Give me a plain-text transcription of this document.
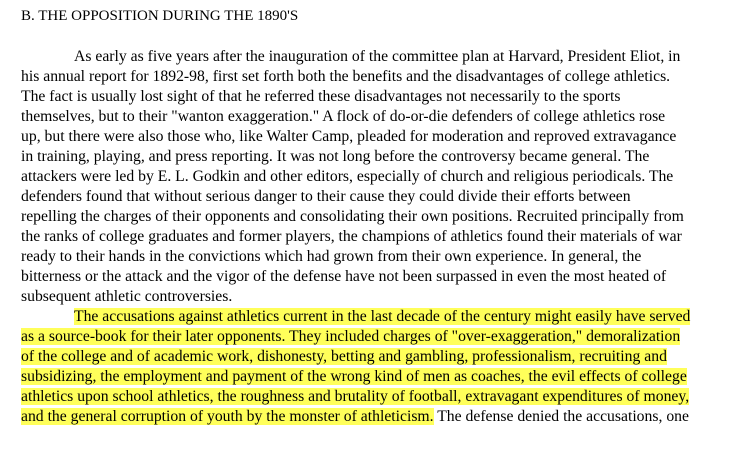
B. THE OPPOSITION DURING THE 1890'S
As early as five years after the inauguration of the committee plan at Harvard, President Eliot, in
his annual report for 1892-98, first set forth both the benefits and the disadvantages of college athletics.
The fact is usually lost sight of that he referred these disadvantages not necessarily to the sports
themselves, but to their "wanton exaggeration." A flock of do-or-die defenders of college athletics rose
up, but there were also those who, like Walter Camp, pleaded for moderation and reproved extravagance
in training, playing, and press reporting. It was not long before the controversy became general. The
attackers were led by E. L. Godkin and other editors, especially of church and religious periodicals. The
defenders found that without serious danger to their cause they could divide their efforts between
repelling the charges of their opponents and consolidating their own positions. Recruited principally from
the ranks of college graduates and former players, the champions of athletics found their materials of war
ready to their hands in the convictions which had grown from their own experience. In general, the
bitterness or the attack and the vigor of the defense have not been surpassed in even the most heated of
subsequent athletic controversies.
The accusations against athletics current in the last decade of the century might easily have served
as a source-book for their later opponents. They included charges of "over-exaggeration," demoralization
of the college and of academic work, dishonesty, betting and gambling, professionalism, recruiting and
subsidizing, the employment and payment of the wrong kind of men as coaches, the evil effects of college
athletics upon school athletics, the roughness and brutality of football, extravagant expenditures of money,
and the general corruption of youth by the monster of athleticism. The defense denied the accusations, one
